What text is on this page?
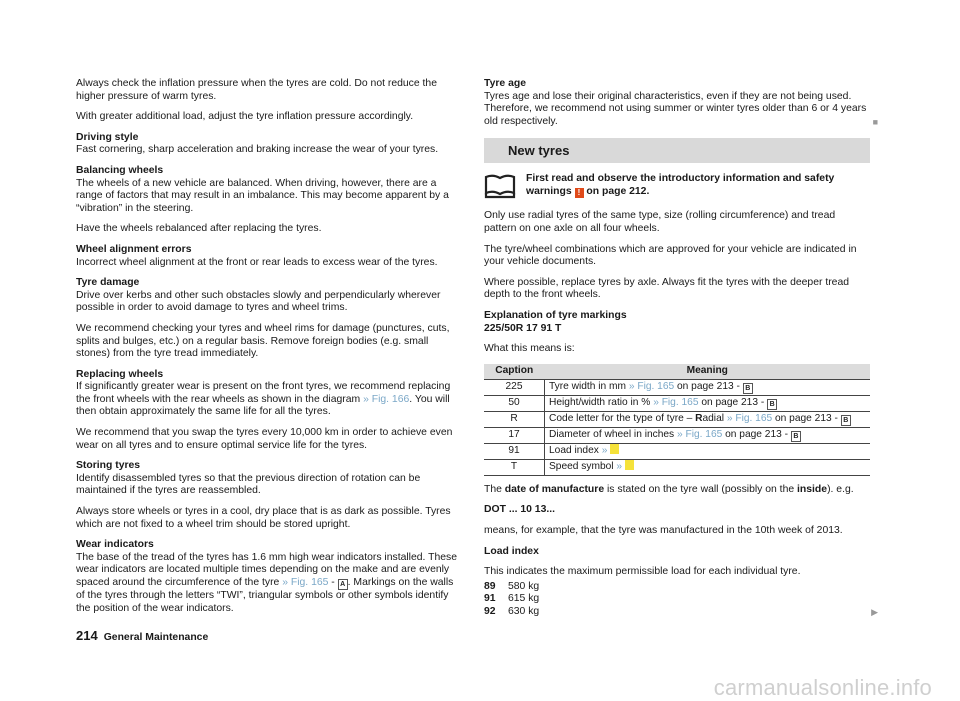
Always check the inflation pressure when the tyres are cold. Do not reduce the higher pressure of warm tyres.

With greater additional load, adjust the tyre inflation pressure accordingly.

Driving style
Fast cornering, sharp acceleration and braking increase the wear of your tyres.

Balancing wheels
The wheels of a new vehicle are balanced. When driving, however, there are a range of factors that may result in an imbalance. This may become apparent by a “vibration” in the steering.

Have the wheels rebalanced after replacing the tyres.

Wheel alignment errors
Incorrect wheel alignment at the front or rear leads to excess wear of the tyres.

Tyre damage
Drive over kerbs and other such obstacles slowly and perpendicularly wherever possible in order to avoid damage to tyres and wheel trims.

We recommend checking your tyres and wheel rims for damage (punctures, cuts, splits and bulges, etc.) on a regular basis. Remove foreign bodies (e.g. small stones) from the tyre tread immediately.

Replacing wheels
If significantly greater wear is present on the front tyres, we recommend replacing the front wheels with the rear wheels as shown in the diagram » Fig. 166. You will then obtain approximately the same life for all the tyres.

We recommend that you swap the tyres every 10,000 km in order to achieve even wear on all tyres and to ensure optimal service life for the tyres.

Storing tyres
Identify disassembled tyres so that the previous direction of rotation can be maintained if the tyres are reassembled.

Always store wheels or tyres in a cool, dry place that is as dark as possible. Tyres which are not fixed to a wheel trim should be stored upright.

Wear indicators
The base of the tread of the tyres has 1.6 mm high wear indicators installed. These wear indicators are located multiple times depending on the make and are evenly spaced around the circumference of the tyre » Fig. 165 - A . Markings on the walls of the tyres through the letters “TWI”, triangular symbols or other symbols identify the position of the wear indicators.

Tyre age
Tyres age and lose their original characteristics, even if they are not being used. Therefore, we recommend not using summer or winter tyres older than 6 or 4 years old respectively.	■

New tyres
First read and observe the introductory information and safety warnings ! on page 212.

Only use radial tyres of the same type, size (rolling circumference) and tread pattern on one axle on all four wheels.

The tyre/wheel combinations which are approved for your vehicle are indicated in your vehicle documents.

Where possible, replace tyres by axle. Always fit the tyres with the deeper tread depth to the front wheels.

Explanation of tyre markings
225/50R 17 91 T

What this means is:

Caption	Meaning
225	Tyre width in mm » Fig. 165 on page 213 - B
50	Height/width ratio in % » Fig. 165 on page 213 - B
R	Code letter for the type of tyre – Radial » Fig. 165 on page 213 - B
17	Diameter of wheel in inches » Fig. 165 on page 213 - B
91	Load index »
T	Speed symbol »

The date of manufacture is stated on the tyre wall (possibly on the inside). e.g.

DOT ... 10 13...

means, for example, that the tyre was manufactured in the 10th week of 2013.

Load index

This indicates the maximum permissible load for each individual tyre.

89	580 kg
91	615 kg
92	630 kg	▶
214 General Maintenance
carmanualsonline.info
